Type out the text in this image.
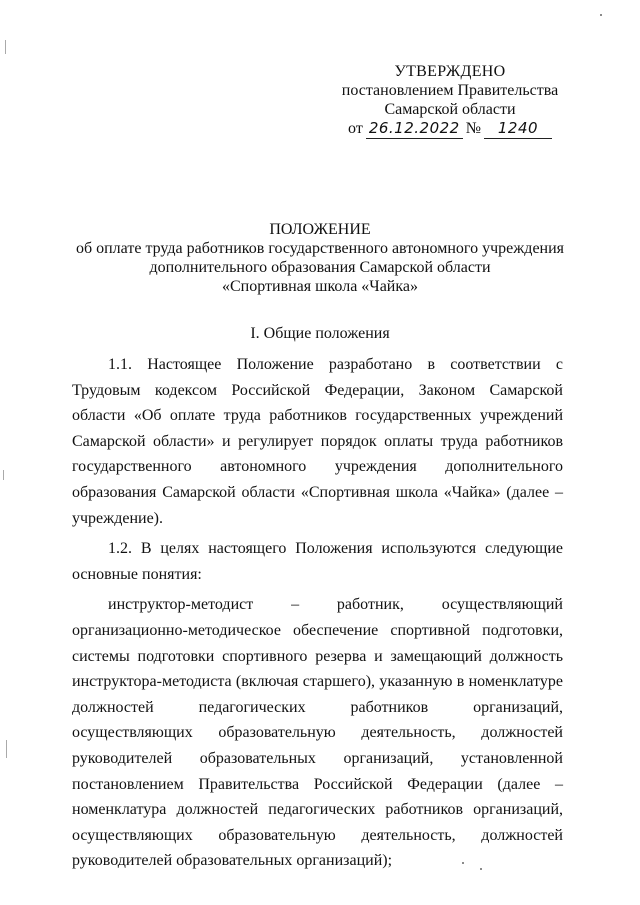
УТВЕРЖДЕНО
постановлением Правительства
Самарской области
от 26.12.2022 №	1240
ПОЛОЖЕНИЕ
об оплате труда работников государственного автономного учреждения
дополнительного образования Самарской области
«Спортивная школа «Чайка»
I. Общие положения

1.1. Настоящее Положение разработано в соответствии с Трудовым кодексом Российской Федерации, Законом Самарской области «Об оплате труда работников государственных учреждений Самарской области» и регулирует порядок оплаты труда работников государственного автономного учреждения дополнительного образования Самарской области «Спортивная школа «Чайка» (далее – учреждение).

1.2. В целях настоящего Положения используются следующие основные понятия:

инструктор-методист – работник, осуществляющий организационно-методическое обеспечение спортивной подготовки, системы подготовки спортивного резерва и замещающий должность инструктора-методиста (включая старшего), указанную в номенклатуре должностей педагогических работников организаций, осуществляющих образовательную деятельность, должностей руководителей образовательных организаций, установленной постановлением Правительства Российской Федерации (далее – номенклатура должностей педагогических работников организаций, осуществляющих образовательную деятельность, должностей руководителей образовательных организаций);
